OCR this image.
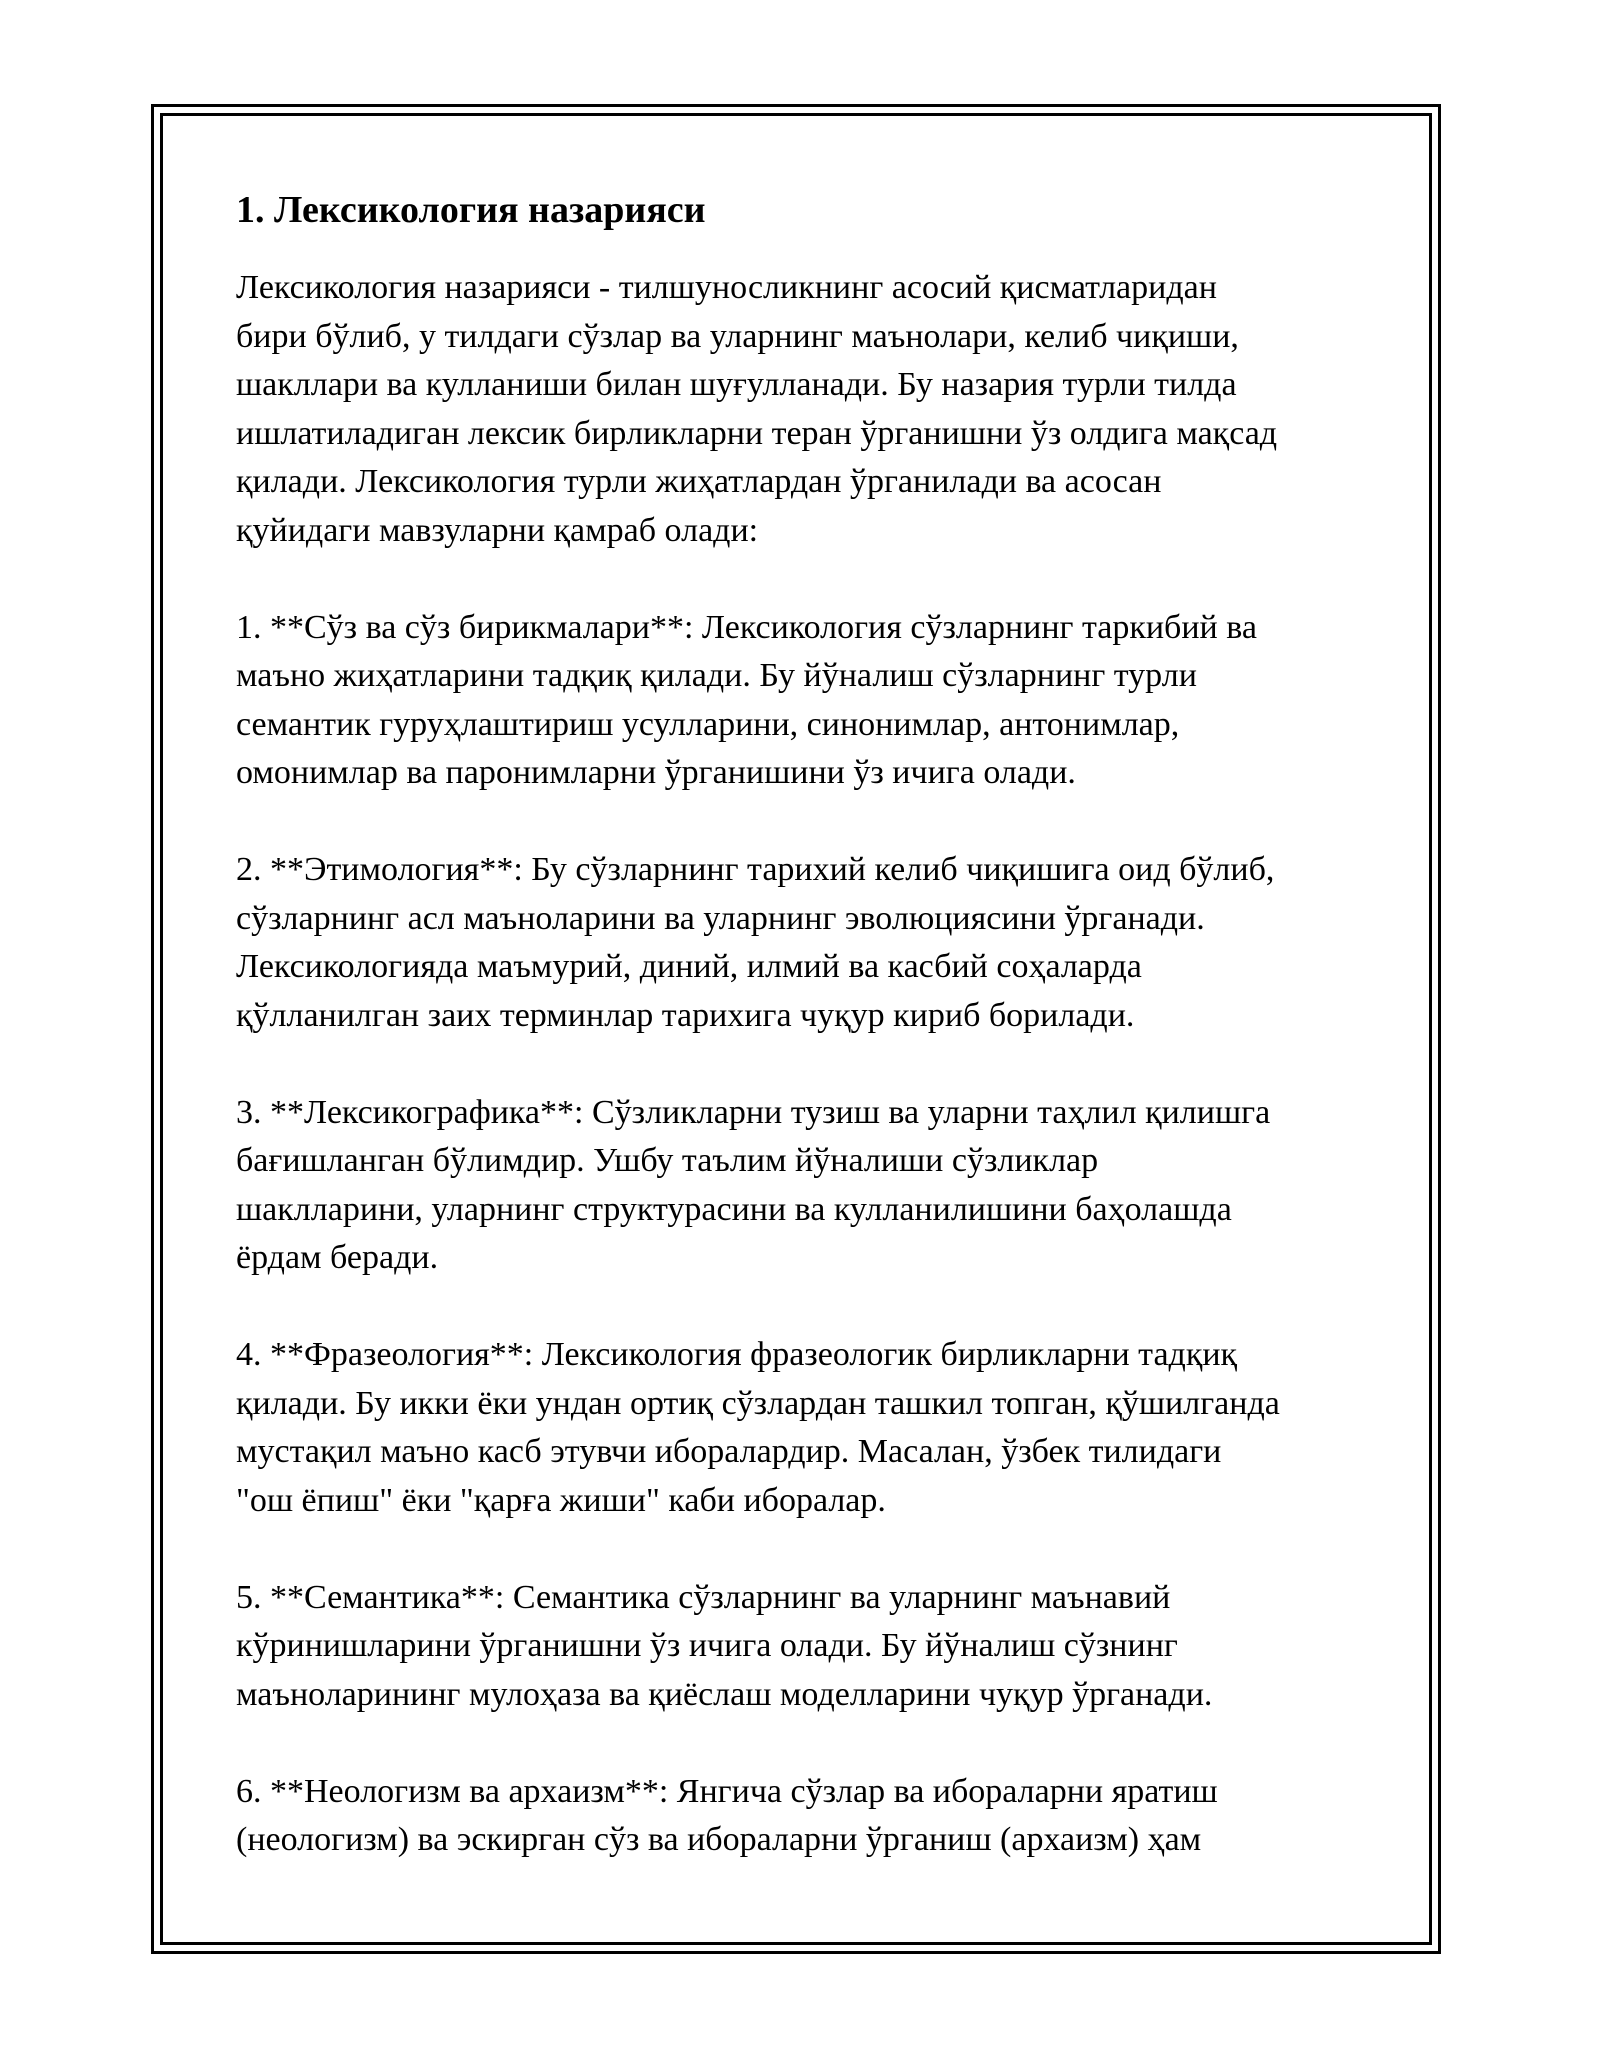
1. Лексикология назарияси

Лексикология назарияси - тилшуносликнинг асосий қисматларидан
бири бўлиб, у тилдаги сўзлар ва уларнинг маънолари, келиб чиқиши,
шакллари ва кулланиши билан шуғулланади. Бу назария турли тилда
ишлатиладиган лексик бирликларни теран ўрганишни ўз олдига мақсад
қилади. Лексикология турли жиҳатлардан ўрганилади ва асосан
қуйидаги мавзуларни қамраб олади:

1. **Сўз ва сўз бирикмалари**: Лексикология сўзларнинг таркибий ва
маъно жиҳатларини тадқиқ қилади. Бу йўналиш сўзларнинг турли
семантик гуруҳлаштириш усулларини, синонимлар, антонимлар,
омонимлар ва паронимларни ўрганишини ўз ичига олади.

2. **Этимология**: Бу сўзларнинг тарихий келиб чиқишига оид бўлиб,
сўзларнинг асл маъноларини ва уларнинг эволюциясини ўрганади.
Лексикологияда маъмурий, диний, илмий ва касбий соҳаларда
қўлланилган заих терминлар тарихига чуқур кириб борилади.

3. **Лексикографика**: Сўзликларни тузиш ва уларни таҳлил қилишга
бағишланган бўлимдир. Ушбу таълим йўналиши сўзликлар
шаклларини, уларнинг структурасини ва кулланилишини баҳолашда
ёрдам беради.

4. **Фразеология**: Лексикология фразеологик бирликларни тадқиқ
қилади. Бу икки ёки ундан ортиқ сўзлардан ташкил топган, қўшилганда
мустақил маъно касб этувчи иборалардир. Масалан, ўзбек тилидаги
"ош ёпиш" ёки "қарға жиши" каби иборалар.

5. **Семантика**: Семантика сўзларнинг ва уларнинг маънавий
кўринишларини ўрганишни ўз ичига олади. Бу йўналиш сўзнинг
маъноларининг мулоҳаза ва қиёслаш моделларини чуқур ўрганади.

6. **Неологизм ва архаизм**: Янгича сўзлар ва ибораларни яратиш
(неологизм) ва эскирган сўз ва ибораларни ўрганиш (архаизм) ҳам
